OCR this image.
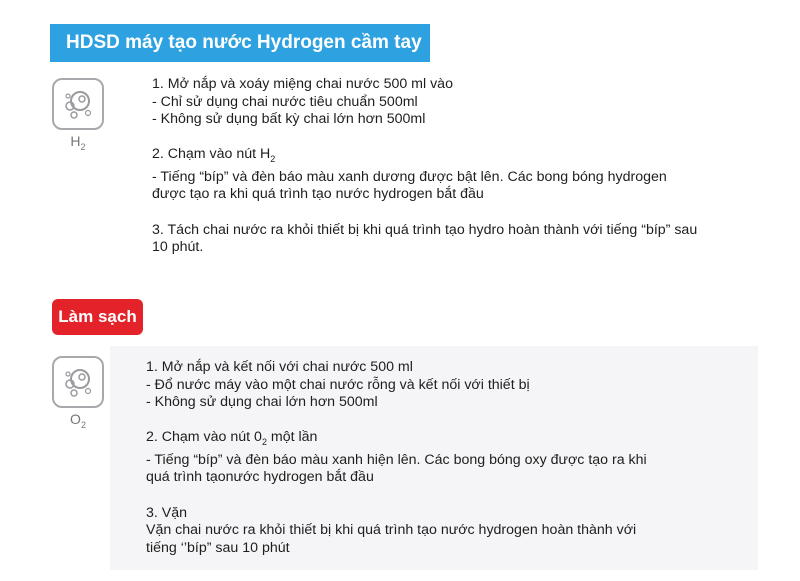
HDSD máy tạo nước Hydrogen cầm tay
$H_2$

1. Mở nắp và xoáy miệng chai nước 500 ml vào

- Chỉ sử dụng chai nước tiêu chuẩn 500ml

- Không sử dụng bất kỳ chai lớn hơn 500ml

2. Chạm vào nút $H_2$

- Tiếng “bíp” và đèn báo màu xanh dương được bật lên. Các bong bóng hydrogen

được tạo ra khi quá trình tạo nước hydrogen bắt đầu

3. Tách chai nước ra khỏi thiết bị khi quá trình tạo hydro hoàn thành với tiếng “bíp” sau

10 phút.

Làm sạch
$O_2$

1. Mở nắp và kết nối với chai nước 500 ml

- Đổ nước máy vào một chai nước rỗng và kết nối với thiết bị

- Không sử dụng chai lớn hơn 500ml

2. Chạm vào nút $0_2$ một lần

- Tiếng “bíp” và đèn báo màu xanh hiện lên. Các bong bóng oxy được tạo ra khi

quá trình tạonước hydrogen bắt đầu

3. Vặn

Vặn chai nước ra khỏi thiết bị khi quá trình tạo nước hydrogen hoàn thành với

tiếng ‘’bíp” sau 10 phút
